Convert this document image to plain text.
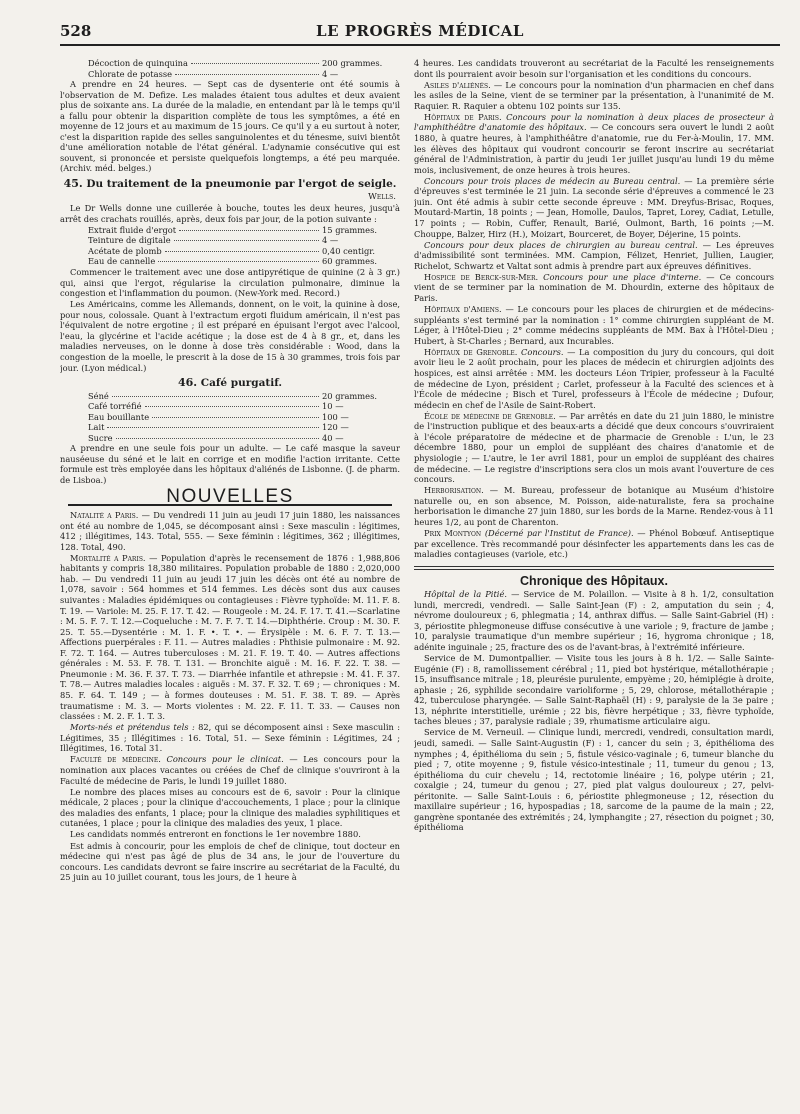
528	LE PROGRÈS MÉDICAL
Décoction de quinquina	200 grammes.
Chlorate de potasse	4 —

A prendre en 24 heures. — Sept cas de dysenterie ont été soumis à l'observation de M. Defize. Les malades étaient tous adultes et deux avaient plus de soixante ans. La durée de la maladie, en entendant par là le temps qu'il a fallu pour obtenir la disparition complète de tous les symptômes, a été en moyenne de 12 jours et au maximum de 15 jours. Ce qu'il y a eu surtout à noter, c'est la disparition rapide des selles sanguinolentes et du ténesme, suivi bientôt d'une amélioration notable de l'état général. L'adynamie consécutive qui est souvent, si prononcée et persiste quelquefois longtemps, a été peu marquée. (Archiv. méd. belges.)

45. Du traitement de la pneumonie par l'ergot de seigle.
Wells.

Le Dr Wells donne une cuillerée à bouche, toutes les deux heures, jusqu'à arrêt des crachats rouillés, après, deux fois par jour, de la potion suivante :

Extrait fluide d'ergot	15 grammes.
Teinture de digitale	4 —
Acétate de plomb	0,40 centigr.
Eau de cannelle	60 grammes.

Commencer le traitement avec une dose antipyrétique de quinine (2 à 3 gr.) qui, ainsi que l'ergot, régularise la circulation pulmonaire, diminue la congestion et l'inflammation du poumon. (New-York med. Record.)

Les Américains, comme les Allemands, donnent, on le voit, la quinine à dose, pour nous, colossale. Quant à l'extractum ergoti fluidum américain, il n'est pas l'équivalent de notre ergotine ; il est préparé en épuisant l'ergot avec l'alcool, l'eau, la glycérine et l'acide acétique ; la dose est de 4 à 8 gr., et, dans les maladies nerveuses, on le donne à dose très considérable : Wood, dans la congestion de la moelle, le prescrit à la dose de 15 à 30 grammes, trois fois par jour. (Lyon médical.)

46. Café purgatif.
Séné	20 grammes.
Café torréfié	10 —
Eau bouillante	100 —
Lait	120 —
Sucre	40 —

A prendre en une seule fois pour un adulte. — Le café masque la saveur nauséeuse du séné et le lait en corrige et en modifie l'action irritante. Cette formule est très employée dans les hôpitaux d'aliénés de Lisbonne. (J. de pharm. de Lisboa.)

NOUVELLES

Natalité a Paris. — Du vendredi 11 juin au jeudi 17 juin 1880, les naissances ont été au nombre de 1,045, se décomposant ainsi : Sexe masculin : légitimes, 412 ; illégitimes, 143. Total, 555. — Sexe féminin : légitimes, 362 ; illégitimes, 128. Total, 490.

Mortalité a Paris. — Population d'après le recensement de 1876 : 1,988,806 habitants y compris 18,380 militaires. Population probable de 1880 : 2,020,000 hab. — Du vendredi 11 juin au jeudi 17 juin les décès ont été au nombre de 1,078, savoir : 564 hommes et 514 femmes. Les décès sont dus aux causes suivantes : Maladies épidémiques ou contagieuses : Fièvre typhoïde: M. 11. F. 8. T. 19. — Variole: M. 25. F. 17. T. 42. — Rougeole : M. 24. F. 17. T. 41.—Scarlatine : M. 5. F. 7. T. 12.—Coqueluche : M. 7. F. 7. T. 14.—Diphthérie. Croup : M. 30. F. 25. T. 55.—Dysentérie : M. 1. F. •. T. •. — Érysipèle : M. 6. F. 7. T. 13.—Affections puerpérales : F. 11. — Autres maladies : Phthisie pulmonaire : M. 92. F. 72. T. 164. — Autres tuberculoses : M. 21. F. 19. T. 40. — Autres affections générales : M. 53. F. 78. T. 131. — Bronchite aiguë : M. 16. F. 22. T. 38. — Pneumonie : M. 36. F. 37. T. 73. — Diarrhée infantile et athrepsie : M. 41. F. 37. T. 78.— Autres maladies locales : aiguës : M. 37. F. 32. T. 69 ; — chroniques : M. 85. F. 64. T. 149 ; — à formes douteuses : M. 51. F. 38. T. 89. — Après traumatisme : M. 3. — Morts violentes : M. 22. F. 11. T. 33. — Causes non classées : M. 2. F. 1. T. 3.

Morts-nés et prétendus tels : 82, qui se décomposent ainsi : Sexe masculin : Légitimes, 35 ; Illégitimes : 16. Total, 51. — Sexe féminin : Légitimes, 24 ; Illégitimes, 16. Total 31.

Faculté de médecine. Concours pour le clinicat. — Les concours pour la nomination aux places vacantes ou créées de Chef de clinique s'ouvriront à la Faculté de médecine de Paris, le lundi 19 juillet 1880.

Le nombre des places mises au concours est de 6, savoir : Pour la clinique médicale, 2 places ; pour la clinique d'accouchements, 1 place ; pour la clinique des maladies des enfants, 1 place; pour la clinique des maladies syphilitiques et cutanées, 1 place ; pour la clinique des maladies des yeux, 1 place.

Les candidats nommés entreront en fonctions le 1er novembre 1880.

Est admis à concourir, pour les emplois de chef de clinique, tout docteur en médecine qui n'est pas âgé de plus de 34 ans, le jour de l'ouverture du concours. Les candidats devront se faire inscrire au secrétariat de la Faculté, du 25 juin au 10 juillet courant, tous les jours, de 1 heure à

4 heures. Les candidats trouveront au secrétariat de la Faculté les renseignements dont ils pourraient avoir besoin sur l'organisation et les conditions du concours.

Asiles d'aliénés. — Le concours pour la nomination d'un pharmacien en chef dans les asiles de la Seine, vient de se terminer par la présentation, à l'unanimité de M. Raquier. R. Raquier a obtenu 102 points sur 135.

Hôpitaux de Paris. Concours pour la nomination à deux places de prosecteur à l'amphithéâtre d'anatomie des hôpitaux. — Ce concours sera ouvert le lundi 2 août 1880, à quatre heures, à l'amphithéâtre d'anatomie, rue du Fer-à-Moulin, 17. MM. les élèves des hôpitaux qui voudront concourir se feront inscrire au secrétariat général de l'Administration, à partir du jeudi 1er juillet jusqu'au lundi 19 du même mois, inclusivement, de onze heures à trois heures.

Concours pour trois places de médecin au Bureau central. — La première série d'épreuves s'est terminée le 21 juin. La seconde série d'épreuves a commencé le 23 juin. Ont été admis à subir cette seconde épreuve : MM. Dreyfus-Brisac, Roques, Moutard-Martin, 18 points ; — Jean, Homolle, Daulos, Tapret, Lorey, Cadiat, Letulle, 17 points ; — Robin, Cuffer, Renault, Barié, Oulmont, Barth, 16 points ;—M. Chouppe, Balzer, Hirz (H.), Moizart, Bourceret, de Boyer, Déjerine, 15 points.

Concours pour deux places de chirurgien au bureau central. — Les épreuves d'admissibilité sont terminées. MM. Campion, Félizet, Henriet, Jullien, Laugier, Richelot, Schwartz et Valtat sont admis à prendre part aux épreuves définitives.

Hospice de Berck-sur-Mer. Concours pour une place d'interne. — Ce concours vient de se terminer par la nomination de M. Dhourdin, externe des hôpitaux de Paris.

Hôpitaux d'Amiens. — Le concours pour les places de chirurgien et de médecins-suppléants s'est terminé par la nomination : 1° comme chirurgien suppléant de M. Léger, à l'Hôtel-Dieu ; 2° comme médecins suppléants de MM. Bax à l'Hôtel-Dieu ; Hubert, à St-Charles ; Bernard, aux Incurables.

Hôpitaux de Grenoble. Concours. — La composition du jury du concours, qui doit avoir lieu le 2 août prochain, pour les places de médecin et chirurgien adjoints des hospices, est ainsi arrêtée : MM. les docteurs Léon Tripier, professeur à la Faculté de médecine de Lyon, président ; Carlet, professeur à la Faculté des sciences et à l'École de médecine ; Bisch et Turel, professeurs à l'École de médecine ; Dufour, médecin en chef de l'Asile de Saint-Robert.

École de médecine de Grenoble. — Par arrêtés en date du 21 juin 1880, le ministre de l'instruction publique et des beaux-arts a décidé que deux concours s'ouvriraient à l'école préparatoire de médecine et de pharmacie de Grenoble : L'un, le 23 décembre 1880, pour un emploi de suppléant des chaires d'anatomie et de physiologie ; — L'autre, le 1er avril 1881, pour un emploi de suppléant des chaires de médecine. — Le registre d'inscriptions sera clos un mois avant l'ouverture de ces concours.

Herborisation. — M. Bureau, professeur de botanique au Muséum d'histoire naturelle ou, en son absence, M. Poisson, aide-naturaliste, fera sa prochaine herborisation le dimanche 27 juin 1880, sur les bords de la Marne. Rendez-vous à 11 heures 1/2, au pont de Charenton.

Prix Montyon (Décerné par l'Institut de France). — Phénol Bobœuf. Antiseptique par excellence. Très recommandé pour désinfecter les appartements dans les cas de maladies contagieuses (variole, etc.)

Chronique des Hôpitaux.

Hôpital de la Pitié. — Service de M. Polaillon. — Visite à 8 h. 1/2, consultation lundi, mercredi, vendredi. — Salle Saint-Jean (F) : 2, amputation du sein ; 4, névrome douloureux ; 6, phlegmatia ; 14, anthrax diffus. — Salle Saint-Gabriel (H) : 3, périostite phlegmoneuse diffuse consécutive à une variole ; 9, fracture de jambe ; 10, paralysie traumatique d'un membre supérieur ; 16, hygroma chronique ; 18, adénite inguinale ; 25, fracture des os de l'avant-bras, à l'extrémité inférieure.

Service de M. Dumontpallier. — Visite tous les jours à 8 h. 1/2. — Salle Sainte-Eugénie (F) : 8, ramollissement cérébral ; 11, pied bot hystérique, métallothérapie ; 15, insuffisance mitrale ; 18, pleurésie purulente, empyème ; 20, hémiplégie à droite, aphasie ; 26, syphilide secondaire varioliforme ; 5, 29, chlorose, métallothérapie ; 42, tuberculose pharyngée. — Salle Saint-Raphaël (H) : 9, paralysie de la 3e paire ; 13, néphrite interstitielle, urémie ; 22 bis, fièvre herpétique ; 33, fièvre typhoïde, taches bleues ; 37, paralysie radiale ; 39, rhumatisme articulaire aigu.

Service de M. Verneuil. — Clinique lundi, mercredi, vendredi, consultation mardi, jeudi, samedi. — Salle Saint-Augustin (F) : 1, cancer du sein ; 3, épithélioma des nymphes ; 4, épithélioma du sein ; 5, fistule vésico-vaginale ; 6, tumeur blanche du pied ; 7, otite moyenne ; 9, fistule vésico-intestinale ; 11, tumeur du genou ; 13, épithélioma du cuir chevelu ; 14, rectotomie linéaire ; 16, polype utérin ; 21, coxalgie ; 24, tumeur du genou ; 27, pied plat valgus douloureux ; 27, pelvi-péritonite. — Salle Saint-Louis : 6, périostite phlegmoneuse ; 12, résection du maxillaire supérieur ; 16, hypospadias ; 18, sarcome de la paume de la main ; 22, gangrène spontanée des extrémités ; 24, lymphangite ; 27, résection du poignet ; 30, épithélioma
